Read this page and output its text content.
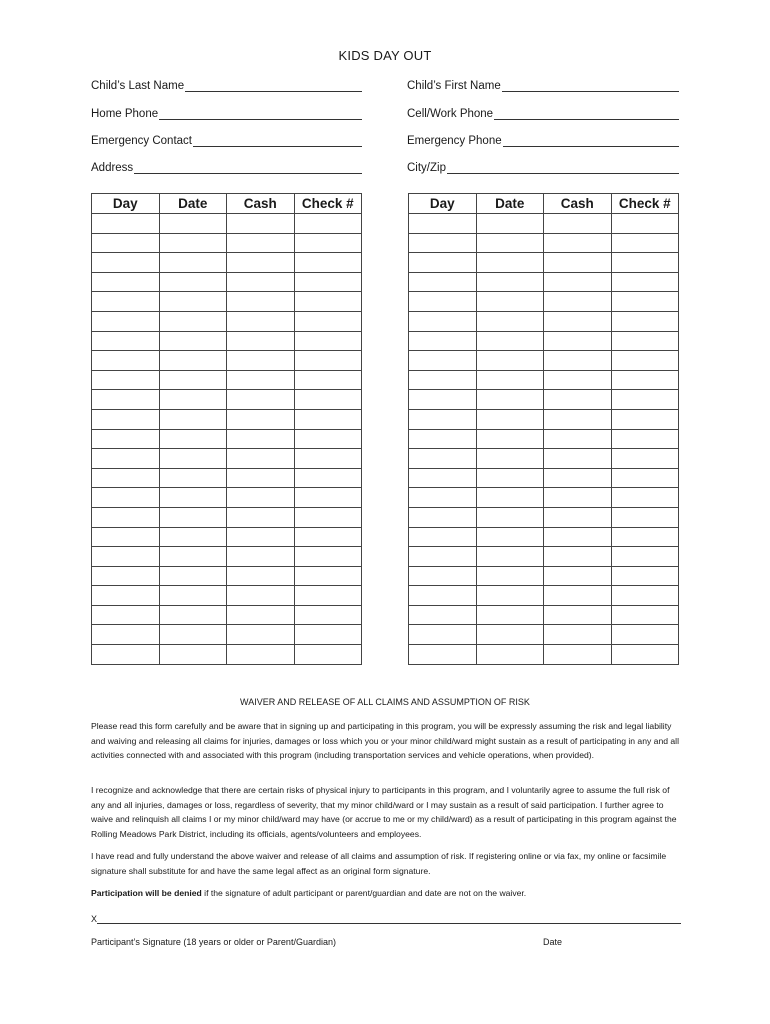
KIDS DAY OUT
Child’s Last Name	Child’s First Name
Home Phone	Cell/Work Phone
Emergency Contact	Emergency Phone
Address	City/Zip
Day	Date	Cash	Check #

				Day	Date	Cash	Check #

WAIVER AND RELEASE OF ALL CLAIMS AND ASSUMPTION OF RISK
Please read this form carefully and be aware that in signing up and participating in this program, you will be expressly assuming the risk and legal liability and waiving and releasing all claims for injuries, damages or loss which you or your minor child/ward might sustain as a result of participating in any and all activities connected with and associated with this program (including transportation services and vehicle operations, when provided).
I recognize and acknowledge that there are certain risks of physical injury to participants in this program, and I voluntarily agree to assume the full risk of any and all injuries, damages or loss, regardless of severity, that my minor child/ward or I may sustain as a result of said participation. I further agree to waive and relinquish all claims I or my minor child/ward may have (or accrue to me or my child/ward) as a result of participating in this program against the Rolling Meadows Park District, including its officials, agents/volunteers and employees.
I have read and fully understand the above waiver and release of all claims and assumption of risk. If registering online or via fax, my online or facsimile signature shall substitute for and have the same legal affect as an original form signature.
Participation will be denied if the signature of adult participant or parent/guardian and date are not on the waiver.
X
Participant’s Signature (18 years or older or Parent/Guardian)	Date
